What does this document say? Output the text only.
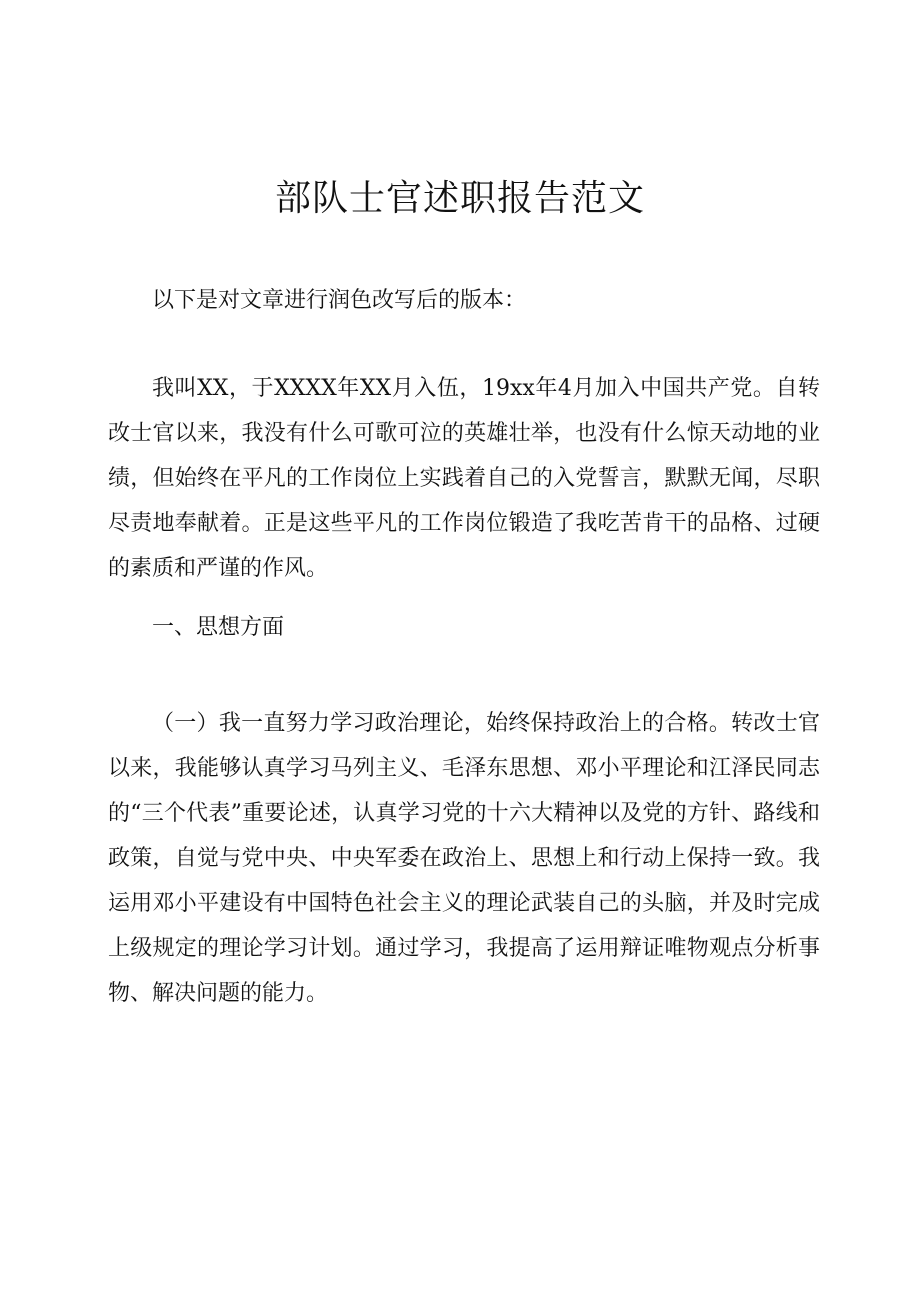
部队士官述职报告范文

以下是对文章进行润色改写后的版本：

我叫XX，于XXXX年XX月入伍，19xx年4月加入中国共产党。自转改士官以来，我没有什么可歌可泣的英雄壮举，也没有什么惊天动地的业绩，但始终在平凡的工作岗位上实践着自己的入党誓言，默默无闻，尽职尽责地奉献着。正是这些平凡的工作岗位锻造了我吃苦肯干的品格、过硬的素质和严谨的作风。

一、思想方面

（一）我一直努力学习政治理论，始终保持政治上的合格。转改士官以来，我能够认真学习马列主义、毛泽东思想、邓小平理论和江泽民同志的“三个代表”重要论述，认真学习党的十六大精神以及党的方针、路线和政策，自觉与党中央、中央军委在政治上、思想上和行动上保持一致。我运用邓小平建设有中国特色社会主义的理论武装自己的头脑，并及时完成上级规定的理论学习计划。通过学习，我提高了运用辩证唯物观点分析事物、解决问题的能力。
